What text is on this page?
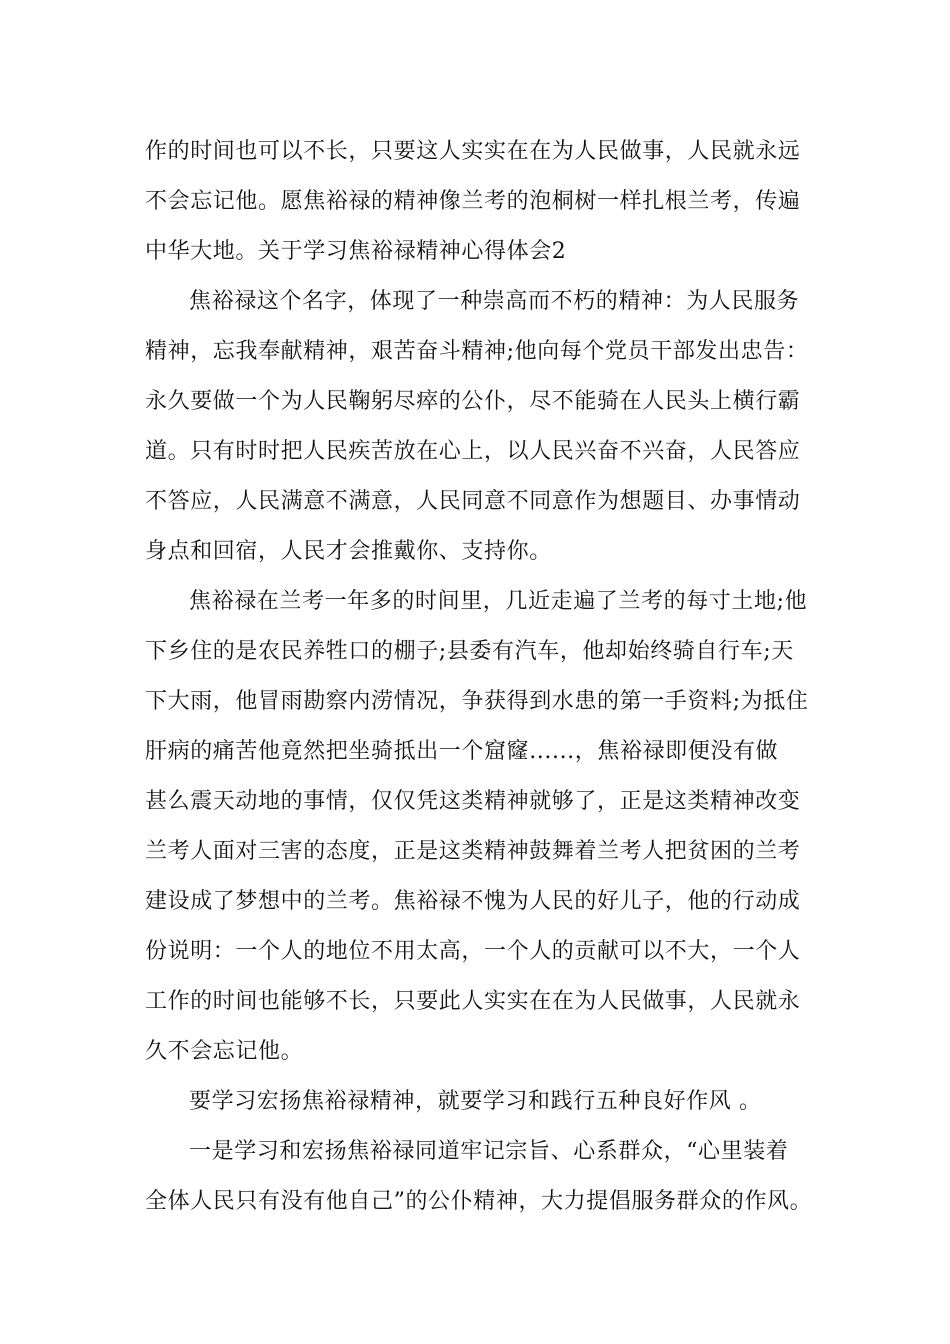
作的时间也可以不长，只要这人实实在在为人民做事，人民就永远
不会忘记他。愿焦裕禄的精神像兰考的泡桐树一样扎根兰考，传遍
中华大地。关于学习焦裕禄精神心得体会2
焦裕禄这个名字，体现了一种崇高而不朽的精神：为人民服务
精神，忘我奉献精神，艰苦奋斗精神;他向每个党员干部发出忠告：
永久要做一个为人民鞠躬尽瘁的公仆，尽不能骑在人民头上横行霸
道。只有时时把人民疾苦放在心上，以人民兴奋不兴奋，人民答应
不答应，人民满意不满意，人民同意不同意作为想题目、办事情动
身点和回宿，人民才会推戴你、支持你。
焦裕禄在兰考一年多的时间里，几近走遍了兰考的每寸土地;他
下乡住的是农民养牲口的棚子;县委有汽车，他却始终骑自行车;天
下大雨，他冒雨勘察内涝情况，争获得到水患的第一手资料;为抵住
肝病的痛苦他竟然把坐骑抵出一个窟窿......，焦裕禄即便没有做
甚么震天动地的事情，仅仅凭这类精神就够了，正是这类精神改变
兰考人面对三害的态度，正是这类精神鼓舞着兰考人把贫困的兰考
建设成了梦想中的兰考。焦裕禄不愧为人民的好儿子，他的行动成
份说明：一个人的地位不用太高，一个人的贡献可以不大，一个人
工作的时间也能够不长，只要此人实实在在为人民做事，人民就永
久不会忘记他。
要学习宏扬焦裕禄精神，就要学习和践行五种良好作风 。
一是学习和宏扬焦裕禄同道牢记宗旨、心系群众，“心里装着
全体人民只有没有他自己”的公仆精神，大力提倡服务群众的作风。
